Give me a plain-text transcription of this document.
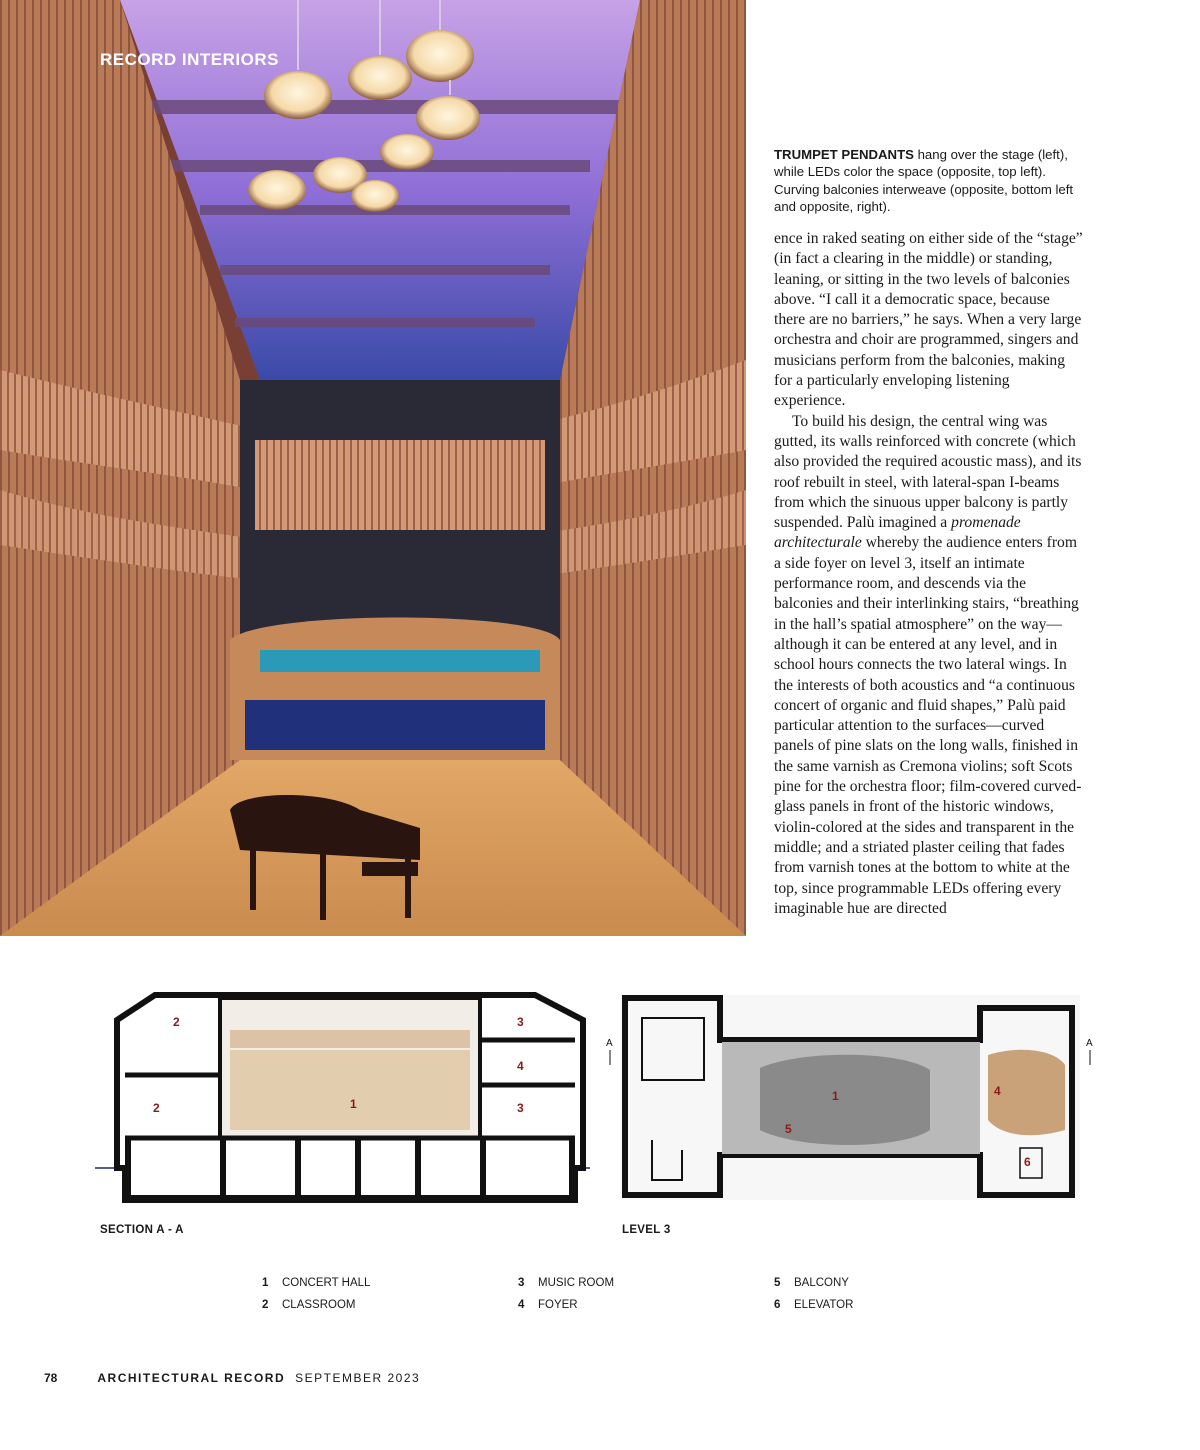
RECORD INTERIORS
TRUMPET PENDANTS hang over the stage (left), while LEDs color the space (opposite, top left). Curving balconies interweave (opposite, bottom left and opposite, right).

ence in raked seating on either side of the “stage” (in fact a clearing in the middle) or standing, leaning, or sitting in the two levels of balconies above. “I call it a democratic space, because there are no barriers,” he says. When a very large orchestra and choir are programmed, singers and musicians perform from the balconies, making for a particularly enveloping listening experience.

To build his design, the central wing was gutted, its walls reinforced with concrete (which also provided the required acoustic mass), and its roof rebuilt in steel, with lateral-span I-beams from which the sinuous upper balcony is partly suspended. Palù imagined a promenade architecturale whereby the audience enters from a side foyer on level 3, itself an intimate performance room, and descends via the balconies and their interlinking stairs, “breathing in the hall’s spatial atmosphere” on the way—although it can be entered at any level, and in school hours connects the two lateral wings. In the interests of both acoustics and “a continuous concert of organic and fluid shapes,” Palù paid particular attention to the surfaces—curved panels of pine slats on the long walls, finished in the same varnish as Cremona violins; soft Scots pine for the orchestra floor; film-covered curved-glass panels in front of the historic windows, violin-colored at the sides and transparent in the middle; and a striated plaster ceiling that fades from varnish tones at the bottom to white at the top, since programmable LEDs offering every imaginable hue are directed

2	3
4
2	1	3
A	A
1
5
4
6
SECTION A - A	LEVEL 3
1	CONCERT HALL
2	CLASSROOM
3	MUSIC ROOM
4	FOYER
5	BALCONY
6	ELEVATOR
78	ARCHITECTURAL RECORD SEPTEMBER 2023
